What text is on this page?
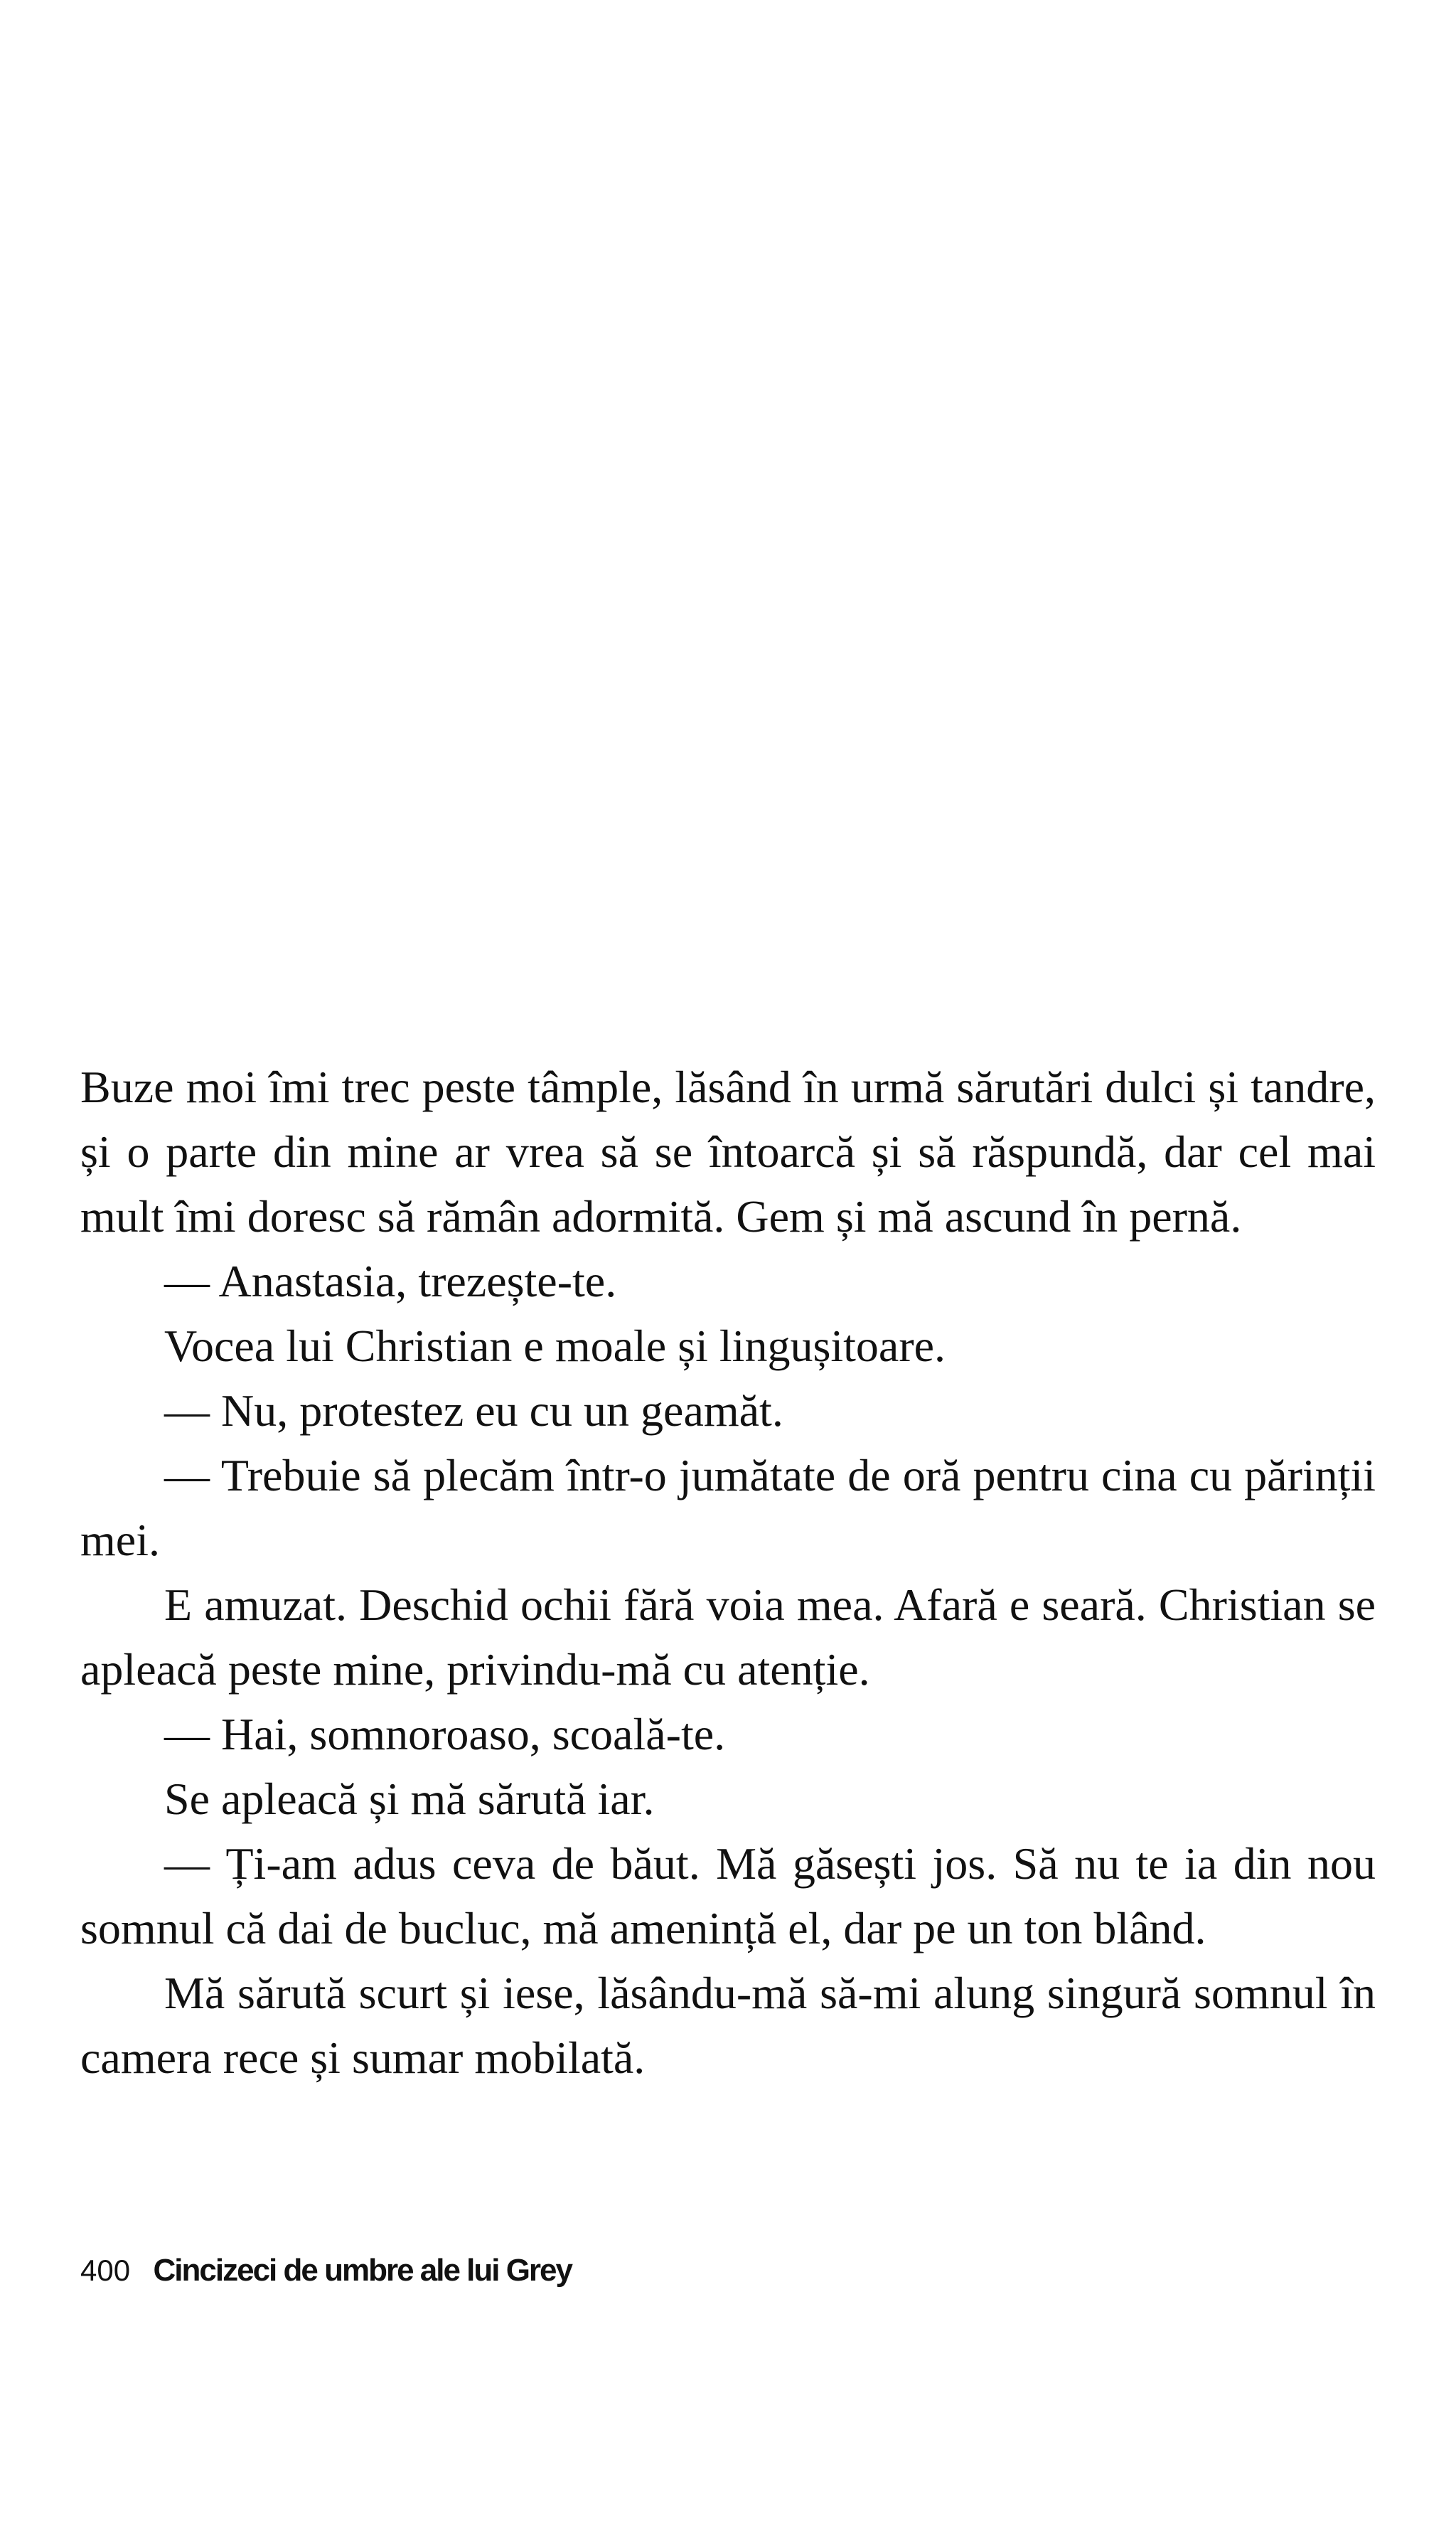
Buze moi îmi trec peste tâmple, lăsând în urmă sărutări dulci și tandre, și o parte din mine ar vrea să se întoarcă și să răspundă, dar cel mai mult îmi doresc să rămân adormită. Gem și mă ascund în pernă.

— Anastasia, trezește-te.

Vocea lui Christian e moale și lingușitoare.

— Nu, protestez eu cu un geamăt.

— Trebuie să plecăm într-o jumătate de oră pentru cina cu părinții mei.

E amuzat. Deschid ochii fără voia mea. Afară e seară. Christian se apleacă peste mine, privindu-mă cu atenție.

— Hai, somnoroaso, scoală-te.

Se apleacă și mă sărută iar.

— Ți-am adus ceva de băut. Mă găsești jos. Să nu te ia din nou somnul că dai de bucluc, mă amenință el, dar pe un ton blând.

Mă sărută scurt și iese, lăsându-mă să-mi alung singură somnul în camera rece și sumar mobilată.

400 Cincizeci de umbre ale lui Grey
